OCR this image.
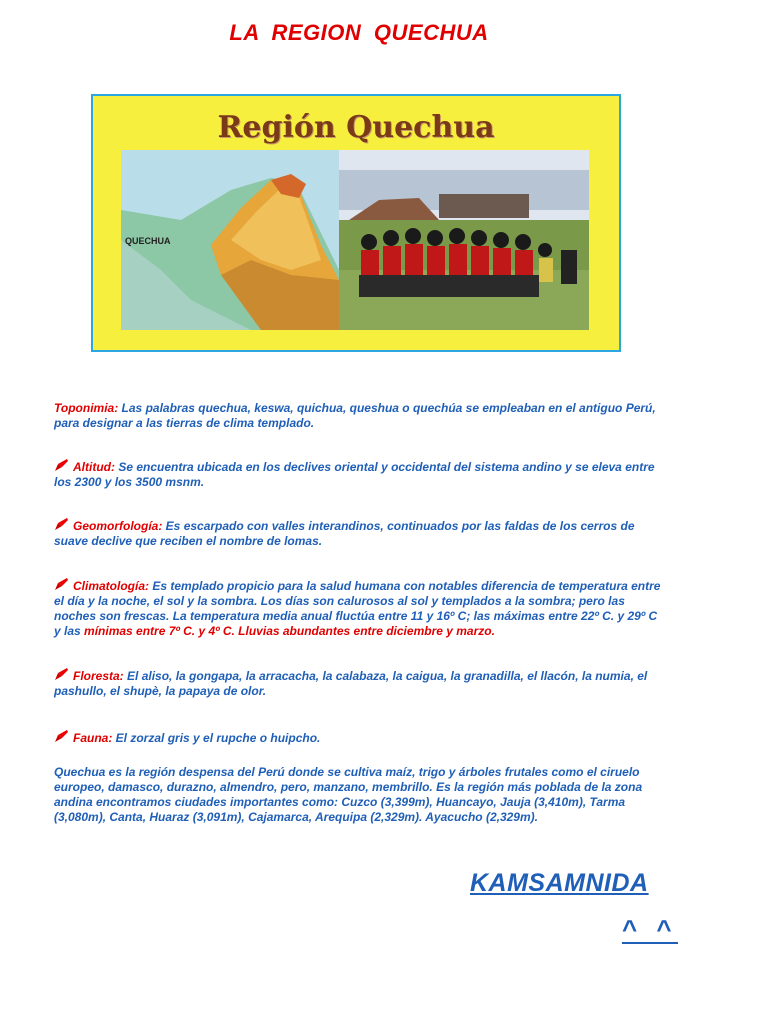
LA REGION QUECHUA
Región Quechua
QUECHUA

Toponimia: Las palabras quechua, keswa, quichua, queshua o quechúa se empleaban en el antiguo Perú, para designar a las tierras de clima templado.

Altitud: Se encuentra ubicada en los declives oriental y occidental del sistema andino y se eleva entre los 2300 y los 3500 msnm.

Geomorfología: Es escarpado con valles interandinos, continuados por las faldas de los cerros de suave declive que reciben el nombre de lomas.

Climatología: Es templado propicio para la salud humana con notables diferencia de temperatura entre el día y la noche, el sol y la sombra. Los días son calurosos al sol y templados a la sombra; pero las noches son frescas. La temperatura media anual fluctúa entre 11 y 16º C; las máximas entre 22º C. y 29º C y las mínimas entre 7º C. y 4º C. Lluvias abundantes entre diciembre y marzo.

Floresta: El aliso, la gongapa, la arracacha, la calabaza, la caigua, la granadilla, el llacón, la numia, el pashullo, el shupè, la papaya de olor.

Fauna: El zorzal gris y el rupche o huipcho.

Quechua es la región despensa del Perú donde se cultiva maíz, trigo y árboles frutales como el ciruelo europeo, damasco, durazno, almendro, pero, manzano, membrillo. Es la región más poblada de la zona andina encontramos ciudades importantes como: Cuzco (3,399m), Huancayo, Jauja (3,410m), Tarma (3,080m), Canta, Huaraz (3,091m), Cajamarca, Arequipa (2,329m). Ayacucho (2,329m).

KAMSAMNIDA
^ ^
